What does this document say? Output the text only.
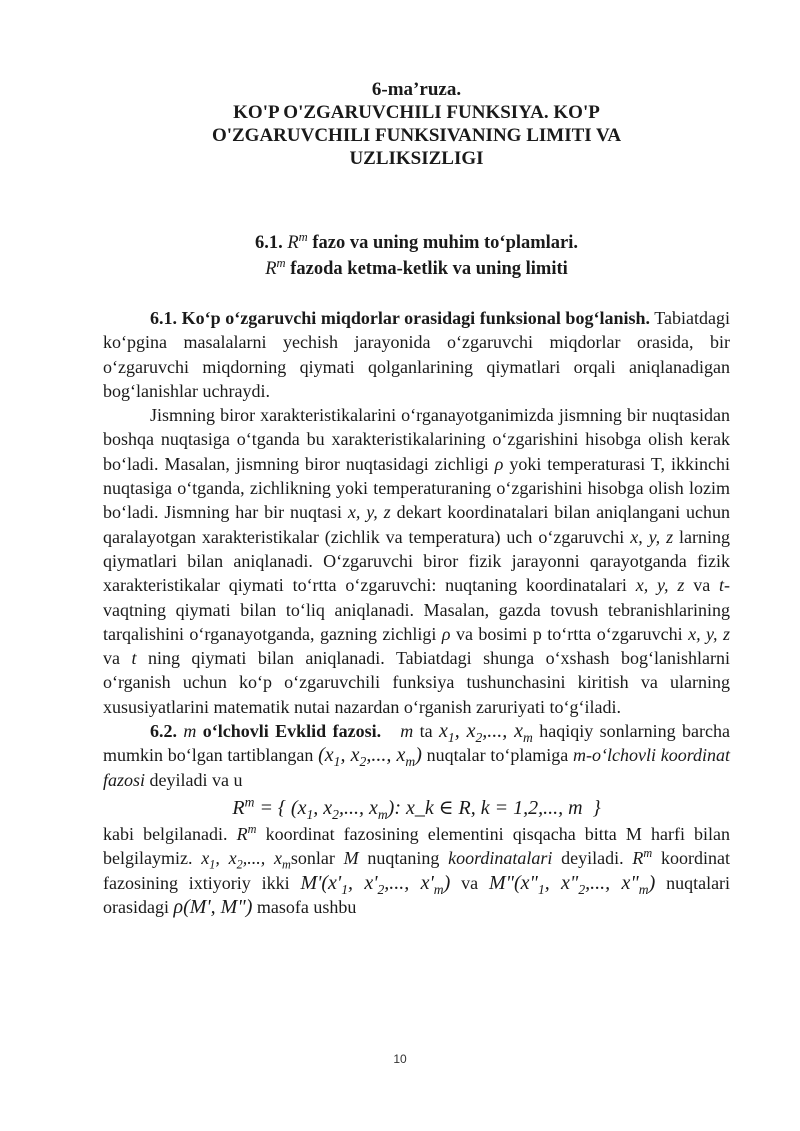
6-ma’ruza.
KO'P O'ZGARUVCHILI FUNKSIYA. KO'P
O'ZGARUVCHILI FUNKSIVANING LIMITI VA
UZLIKSIZLIGI
6.1. $R^m$ fazo va uning muhim to‘plamlari.
$R^m$ fazoda ketma-ketlik va uning limiti

6.1. Ko‘p o‘zgaruvchi miqdorlar orasidagi funksional bog‘lanish. Tabiatdagi ko‘pgina masalalarni yechish jarayonida o‘zgaruvchi miqdorlar orasida, bir o‘zgaruvchi miqdorning qiymati qolganlarining qiymatlari orqali aniqlanadigan bog‘lanishlar uchraydi.

Jismning biror xarakteristikalarini o‘rganayotganimizda jismning bir nuqtasidan boshqa nuqtasiga o‘tganda bu xarakteristikalarining o‘zgarishini hisobga olish kerak bo‘ladi. Masalan, jismning biror nuqtasidagi zichligi ρ yoki temperaturasi T, ikkinchi nuqtasiga o‘tganda, zichlikning yoki temperaturaning o‘zgarishini hisobga olish lozim bo‘ladi. Jismning har bir nuqtasi x, y, z dekart koordinatalari bilan aniqlangani uchun qaralayotgan xarakteristikalar (zichlik va temperatura) uch o‘zgaruvchi x, y, z larning qiymatlari bilan aniqlanadi. O‘zgaruvchi biror fizik jarayonni qarayotganda fizik xarakteristikalar qiymati to‘rtta o‘zgaruvchi: nuqtaning koordinatalari x, y, z va t- vaqtning qiymati bilan to‘liq aniqlanadi. Masalan, gazda tovush tebranishlarining tarqalishini o‘rganayotganda, gazning zichligi ρ va bosimi p to‘rtta o‘zgaruvchi x, y, z va t ning qiymati bilan aniqlanadi. Tabiatdagi shunga o‘xshash bog‘lanishlarni o‘rganish uchun ko‘p o‘zgaruvchili funksiya tushunchasini kiritish va ularning xususiyatlarini matematik nutai nazardan o‘rganish zaruriyati to‘g‘iladi.

6.2. m o‘lchovli Evklid fazosi. m ta $x_1$, $x_2$,..., $x_m$ haqiqiy sonlarning barcha mumkin bo‘lgan tartiblangan ($x_1$, $x_2$,..., $x_m$) nuqtalar to‘plamiga m-o‘lchovli koordinat fazosi deyiladi va u

$R^m$ = { ($x_1$, $x_2$,..., $x_m$): x_k ∈ R, k = 1,2,..., m  }

kabi belgilanadi. $R^m$ koordinat fazosining elementini qisqacha bitta M harfi bilan belgilaymiz. $x_1$, $x_2$,..., $x_msonlar$ M nuqtaning koordinatalari deyiladi. $R^m$ koordinat fazosining ixtiyoriy ikki $M'(x'_1$, $x'_2$,..., $x'_m$) va $M"(x"_1$, $x"_2$,..., $x"_m$) nuqtalari orasidagi ρ(M', M") masofa ushbu

10
